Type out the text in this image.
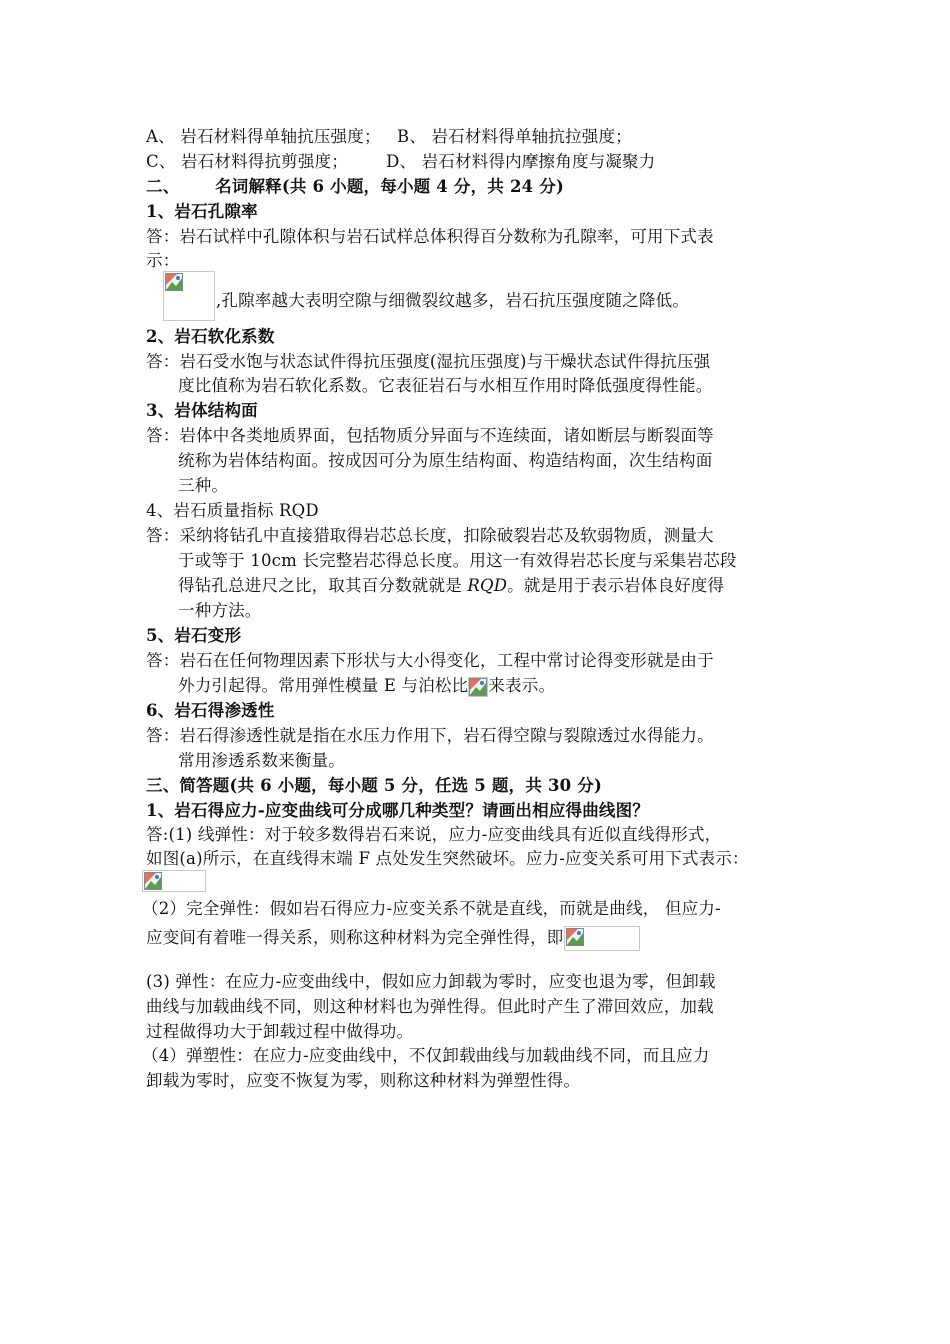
A、 岩石材料得单轴抗压强度；   B、 岩石材料得单轴抗拉强度；
C、 岩石材料得抗剪强度；       D、 岩石材料得内摩擦角度与凝聚力
二、      名词解释(共 6 小题，每小题 4 分，共 24 分)
1、岩石孔隙率
答：岩石试样中孔隙体积与岩石试样总体积得百分数称为孔隙率，可用下式表
示：
,孔隙率越大表明空隙与细微裂纹越多，岩石抗压强度随之降低。
2、岩石软化系数
答：岩石受水饱与状态试件得抗压强度(湿抗压强度)与干燥状态试件得抗压强
度比值称为岩石软化系数。它表征岩石与水相互作用时降低强度得性能。
3、岩体结构面
答：岩体中各类地质界面，包括物质分异面与不连续面，诸如断层与断裂面等
统称为岩体结构面。按成因可分为原生结构面、构造结构面，次生结构面
三种。
4、岩石质量指标 RQD
答：采纳将钻孔中直接猎取得岩芯总长度，扣除破裂岩芯及软弱物质，测量大
于或等于 10cm 长完整岩芯得总长度。用这一有效得岩芯长度与采集岩芯段
得钻孔总进尺之比，取其百分数就就是 RQD。就是用于表示岩体良好度得
一种方法。
5、岩石变形
答：岩石在任何物理因素下形状与大小得变化，工程中常讨论得变形就是由于
外力引起得。常用弹性模量 E 与泊松比 来表示。
6、岩石得渗透性
答：岩石得渗透性就是指在水压力作用下，岩石得空隙与裂隙透过水得能力。
常用渗透系数来衡量。
三、简答题(共 6 小题，每小题 5 分，任选 5 题，共 30 分)
1、岩石得应力-应变曲线可分成哪几种类型？请画出相应得曲线图？
答:(1) 线弹性：对于较多数得岩石来说，应力-应变曲线具有近似直线得形式，
如图(a)所示，在直线得末端 F 点处发生突然破坏。应力-应变关系可用下式表示：
（2）完全弹性：假如岩石得应力-应变关系不就是直线，而就是曲线， 但应力-
应变间有着唯一得关系，则称这种材料为完全弹性得，即
(3) 弹性：在应力-应变曲线中，假如应力卸载为零时，应变也退为零，但卸载
曲线与加载曲线不同，则这种材料也为弹性得。但此时产生了滞回效应，加载
过程做得功大于卸载过程中做得功。
（4）弹塑性：在应力-应变曲线中，不仅卸载曲线与加载曲线不同，而且应力
卸载为零时，应变不恢复为零，则称这种材料为弹塑性得。
